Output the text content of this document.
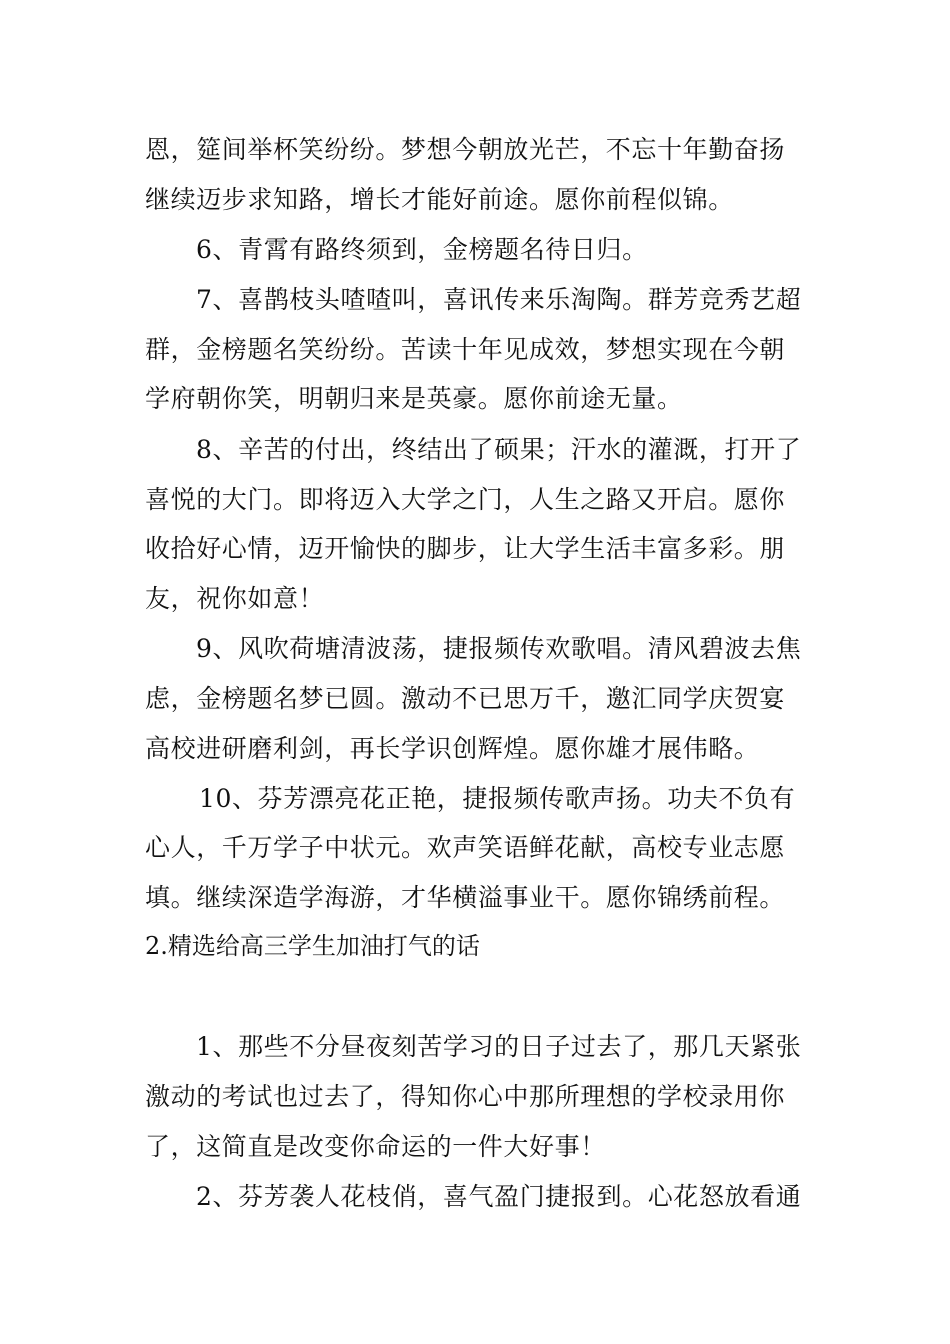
恩，筵间举杯笑纷纷。梦想今朝放光芒，不忘十年勤奋扬
继续迈步求知路，增长才能好前途。愿你前程似锦。
6、青霄有路终须到，金榜题名待日归。
7、喜鹊枝头喳喳叫，喜讯传来乐淘陶。群芳竞秀艺超
群，金榜题名笑纷纷。苦读十年见成效，梦想实现在今朝
学府朝你笑，明朝归来是英豪。愿你前途无量。
8、辛苦的付出，终结出了硕果；汗水的灌溉，打开了
喜悦的大门。即将迈入大学之门，人生之路又开启。愿你
收拾好心情，迈开愉快的脚步，让大学生活丰富多彩。朋
友，祝你如意！
9、风吹荷塘清波荡，捷报频传欢歌唱。清风碧波去焦
虑，金榜题名梦已圆。激动不已思万千，邀汇同学庆贺宴
高校进研磨利剑，再长学识创辉煌。愿你雄才展伟略。
10、芬芳漂亮花正艳，捷报频传歌声扬。功夫不负有
心人，千万学子中状元。欢声笑语鲜花献，高校专业志愿
填。继续深造学海游，才华横溢事业干。愿你锦绣前程。
2.精选给高三学生加油打气的话
1、那些不分昼夜刻苦学习的日子过去了，那几天紧张
激动的考试也过去了，得知你心中那所理想的学校录用你
了，这简直是改变你命运的一件大好事！
2、芬芳袭人花枝俏，喜气盈门捷报到。心花怒放看通
